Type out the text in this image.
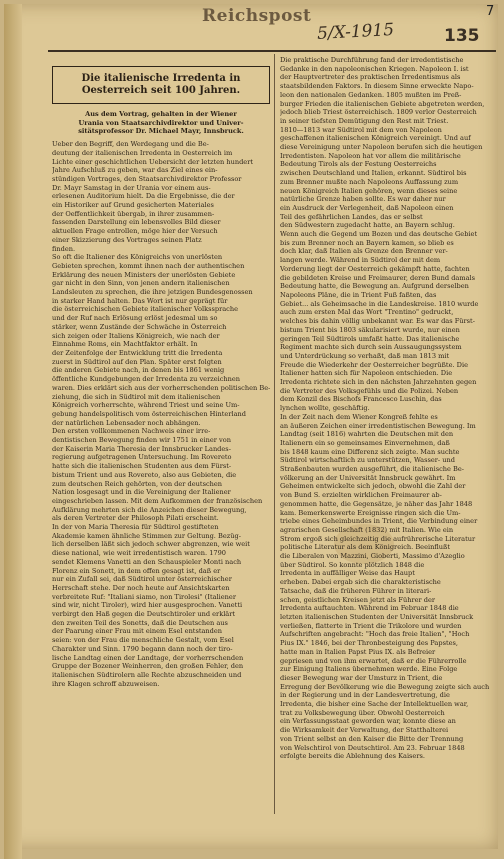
Reichspost
5/X-1915	135
7
Die italienische Irredenta in
Oesterreich seit 100 Jahren.
Aus dem Vortrag, gehalten in der Wiener
Urania von Staatsarchivdirektor und Univer-
sitätsprofessor Dr. Michael Mayr, Innsbruck.
Ueber den Begriff, den Werdegang und die Be-
deutung der italienischen Irredenta in Oesterreich im
Lichte einer geschichtlichen Uebersicht der letzten hundert
Jahre Aufschluß zu geben, war das Ziel eines ein-
stündigen Vortrages, den Staatsarchivdirektor Professor
Dr. Mayr Samstag in der Urania vor einem aus-
erlesenen Auditorium hielt. Da die Ergebnisse, die der
ein Historiker auf Grund gesicherten Materiales
der Oeffentlichkeit übergab, in ihrer zusammen-
fassenden Darstellung ein lebensvolles Bild dieser
aktuellen Frage entrollen, möge hier der Versuch
einer Skizzierung des Vortrages seinen Platz
finden.
So oft die Italiener des Königreichs von unerlösten
Gebieten sprechen, kommt ihnen nach der authentischen
Erklärung des neuen Ministers der unerlösten Gebiete
gar nicht in den Sinn, von jenen andern italienischen
Landsleuten zu sprechen, die ihre jetzigen Bundesgenossen
in starker Hand halten. Das Wort ist nur geprägt für
die österreichischen Gebiete italienischer Volkssprache
und der Ruf nach Erlösung erlöst jedesmal um so
stärker, wenn Zustände der Schwäche in Österreich
sich zeigen oder Italiens Königreich, wie nach der
Einnahme Roms, ein Machtfaktor erhält. In
der Zeitenfolge der Entwicklung tritt die Irredenta
zuerst in Südtirol auf den Plan. Später erst folgten
die anderen Gebiete nach, in denen bis 1861 wenig
öffentliche Kundgebungen der Irredenta zu verzeichnen
waren. Dies erklärt sich aus der vorherrschenden politischen Be-
ziehung, die sich in Südtirol mit dem italienischen
Königreich vorherrschte, während Triest und seine Um-
gebung handelspolitisch vom österreichischen Hinterland
der natürlichen Lebensader noch abhängen.
Den ersten vollkommenen Nachweis einer irre-
dentistischen Bewegung finden wir 1751 in einer von
der Kaiserin Maria Theresia der Innsbrucker Landes-
regierung aufgetragenen Untersuchung. Im Rovereto
hatte sich die italienischen Studenten aus dem Fürst-
bistum Trient und aus Rovereto, also aus Gebieten, die
zum deutschen Reich gehörten, von der deutschen
Nation losgesagt und in die Vereinigung der Italiener
eingeschrieben lassen. Mit dem Aufkommen der französischen
Aufklärung mehrten sich die Anzeichen dieser Bewegung,
als deren Vertreter der Philosoph Pilati erscheint.
In der von Maria Theresia für Südtirol gestifteten
Akademie kamen ähnliche Stimmen zur Geltung. Bezüg-
lich derselben läßt sich jedoch schwer abgrenzen, wie weit
diese national, wie weit irredentistisch waren. 1790
sendet Klemens Vanetti an den Schauspieler Monti nach
Florenz ein Sonett, in dem offen gesagt ist, daß er
nur ein Zufall sei, daß Südtirol unter österreichischer
Herrschaft stehe. Der noch heute auf Ansichtskarten
verbreitete Ruf: "Italiani siamo, non Tirolesi" (Italiener
sind wir, nicht Tiroler), wird hier ausgesprochen. Vanetti
verbirgt den Haß gegen die Deutschtiroler und erklärt
den zweiten Teil des Sonetts, daß die Deutschen aus
der Paarung einer Frau mit einem Esel entstanden
seien: von der Frau die menschliche Gestalt, vom Esel
Charakter und Sinn. 1790 begann dann noch der tiro-
lische Landtag einen der Landtage, der vorherrschenden
Gruppe der Bozener Weinherren, den großen Fehler, den
italienischen Südtirolern alle Rechte abzuschneiden und
ihre Klagen schroff abzuweisen.
Die praktische Durchführung fand der irredentistische
Gedanke in den napoleonischen Kriegen. Napoleon I. ist
der Hauptvertreter des praktischen Irredentismus als
staatsbildenden Faktors. In diesem Sinne erweckte Napo-
leon den nationalen Gedanken. 1805 mußten im Preß-
burger Frieden die italienischen Gebiete abgetreten werden,
jedoch blieb Triest österreichisch. 1809 verlor Oesterreich
in seiner tiefsten Demütigung den Rest mit Triest.
1810—1813 war Südtirol mit dem von Napoleon
geschaffenen italienischen Königreich vereinigt. Und auf
diese Vereinigung unter Napoleon berufen sich die heutigen
Irredentisten. Napoleon hat vor allem die militärische
Bedeutung Tirols als der Festung Oesterreichs
zwischen Deutschland und Italien, erkannt. Südtirol bis
zum Brenner mußte nach Napoleons Auffassung zum
neuen Königreich Italien gehören, wenn dieses seine
natürliche Grenze haben sollte. Es war daher nur
ein Ausdruck der Verlegenheit, daß Napoleon einen
Teil des gefährlichen Landes, das er selbst
den Südwestern zugedacht hatte, an Bayern schlug.
Wenn auch die Gegend um Bozen und das deutsche Gebiet
bis zum Brenner noch an Bayern kamen, so blieb es
doch klar, daß Italien als Grenze den Brenner ver-
langen werde. Während in Südtirol der mit dem
Vorderung liegt der Oesterreich gekämpft hatte, fachten
die gebildeten Kreise und Freimaurer, deren Bund damals
Bedeutung hatte, die Bewegung an. Aufgrund derselben
Napoleons Pläne, die in Trient Fuß faßten, das
Gebiet... als Geheimsache in die Landeskreise. 1810 wurde
auch zum ersten Mal das Wort "Trentino" gedruckt,
welches bis dahin völlig unbekannt war. Es war das Fürst-
bistum Trient bis 1803 säkularisiert wurde, nur einen
geringen Teil Südtirols umfaßt hatte. Das italienische
Regiment machte sich durch sein Aussaugungssystem
und Unterdrückung so verhaßt, daß man 1813 mit
Freude die Wiederkehr der Oesterreicher begrüßte. Die
Italiener hatten sich für Napoleon entschieden. Die
Irredenta richtete sich in den nächsten Jahrzehnten gegen
die Vertreter des Volksgefühls und die Polizei. Neben
dem Konzil des Bischofs Francesco Luschin, das
lynchen wollte, geschäftig.
In der Zeit nach dem Wiener Kongreß fehlte es
an äußeren Zeichen einer irredentistischen Bewegung. Im
Landtag (seit 1816) wahrten die Deutschen mit den
Italienern ein so gemeinsames Einvernehmen, daß
bis 1848 kaum eine Differenz sich zeigte. Man suchte
Südtirol wirtschaftlich zu unterstützen, Wasser- und
Straßenbauten wurden ausgeführt, die italienische Be-
völkerung an der Universität Innsbruck gewährt. Im
Geheimen entwickelte sich jedoch, obwohl die Zahl der
von Bund S. erzielten wirklichen Freimaurer ab-
genommen hatte, die Gegensätze, je näher das Jahr 1848
kam. Bemerkenswerte Ereignisse ringen sich die Um-
triebe eines Geheimbundes in Trient, die Verbindung einer
agrarischen Gesellschaft (1832) mit Italien. Wie ein
Strom ergoß sich gleichzeitig die aufrührerische Literatur
politische Literatur als dem Königreich. Beeinflußt
die Liberalen von Mazzini, Gioberti, Massimo d'Azeglio
über Südtirol. So konnte plötzlich 1848 die
Irredenta in auffälliger Weise das Haupt
erheben. Dabei ergab sich die charakteristische
Tatsache, daß die früheren Führer in literari-
schen, geistlichen Kreisen jetzt als Führer der
Irredenta auftauchten. Während im Februar 1848 die
letzten italienischen Studenten der Universität Innsbruck
verließen, flatterte in Trient die Trikolore und wurden
Aufschriften angebracht: "Hoch das freie Italien", "Hoch
Pius IX." 1846, bei der Thronbesteigung des Papstes,
hatte man in Italien Papst Pius IX. als Befreier
gepriesen und von ihm erwartet, daß er die Führerrolle
zur Einigung Italiens übernehmen werde. Eine Folge
dieser Bewegung war der Umsturz in Trient, die
Erregung der Bevölkerung wie die Bewegung zeigte sich auch
in der Regierung und in der Landesvertretung, die
Irredenta, die bisher eine Sache der Intellektuellen war,
trat zu Volksbewegung über. Obwohl Oesterreich
ein Verfassungsstaat geworden war, konnte diese an
die Wirksamkeit der Verwaltung, der Statthalterei
von Trient selbst an den Kaiser die Bitte der Trennung
von Welschtirol von Deutschtirol. Am 23. Februar 1848
erfolgte bereits die Ablehnung des Kaisers.
